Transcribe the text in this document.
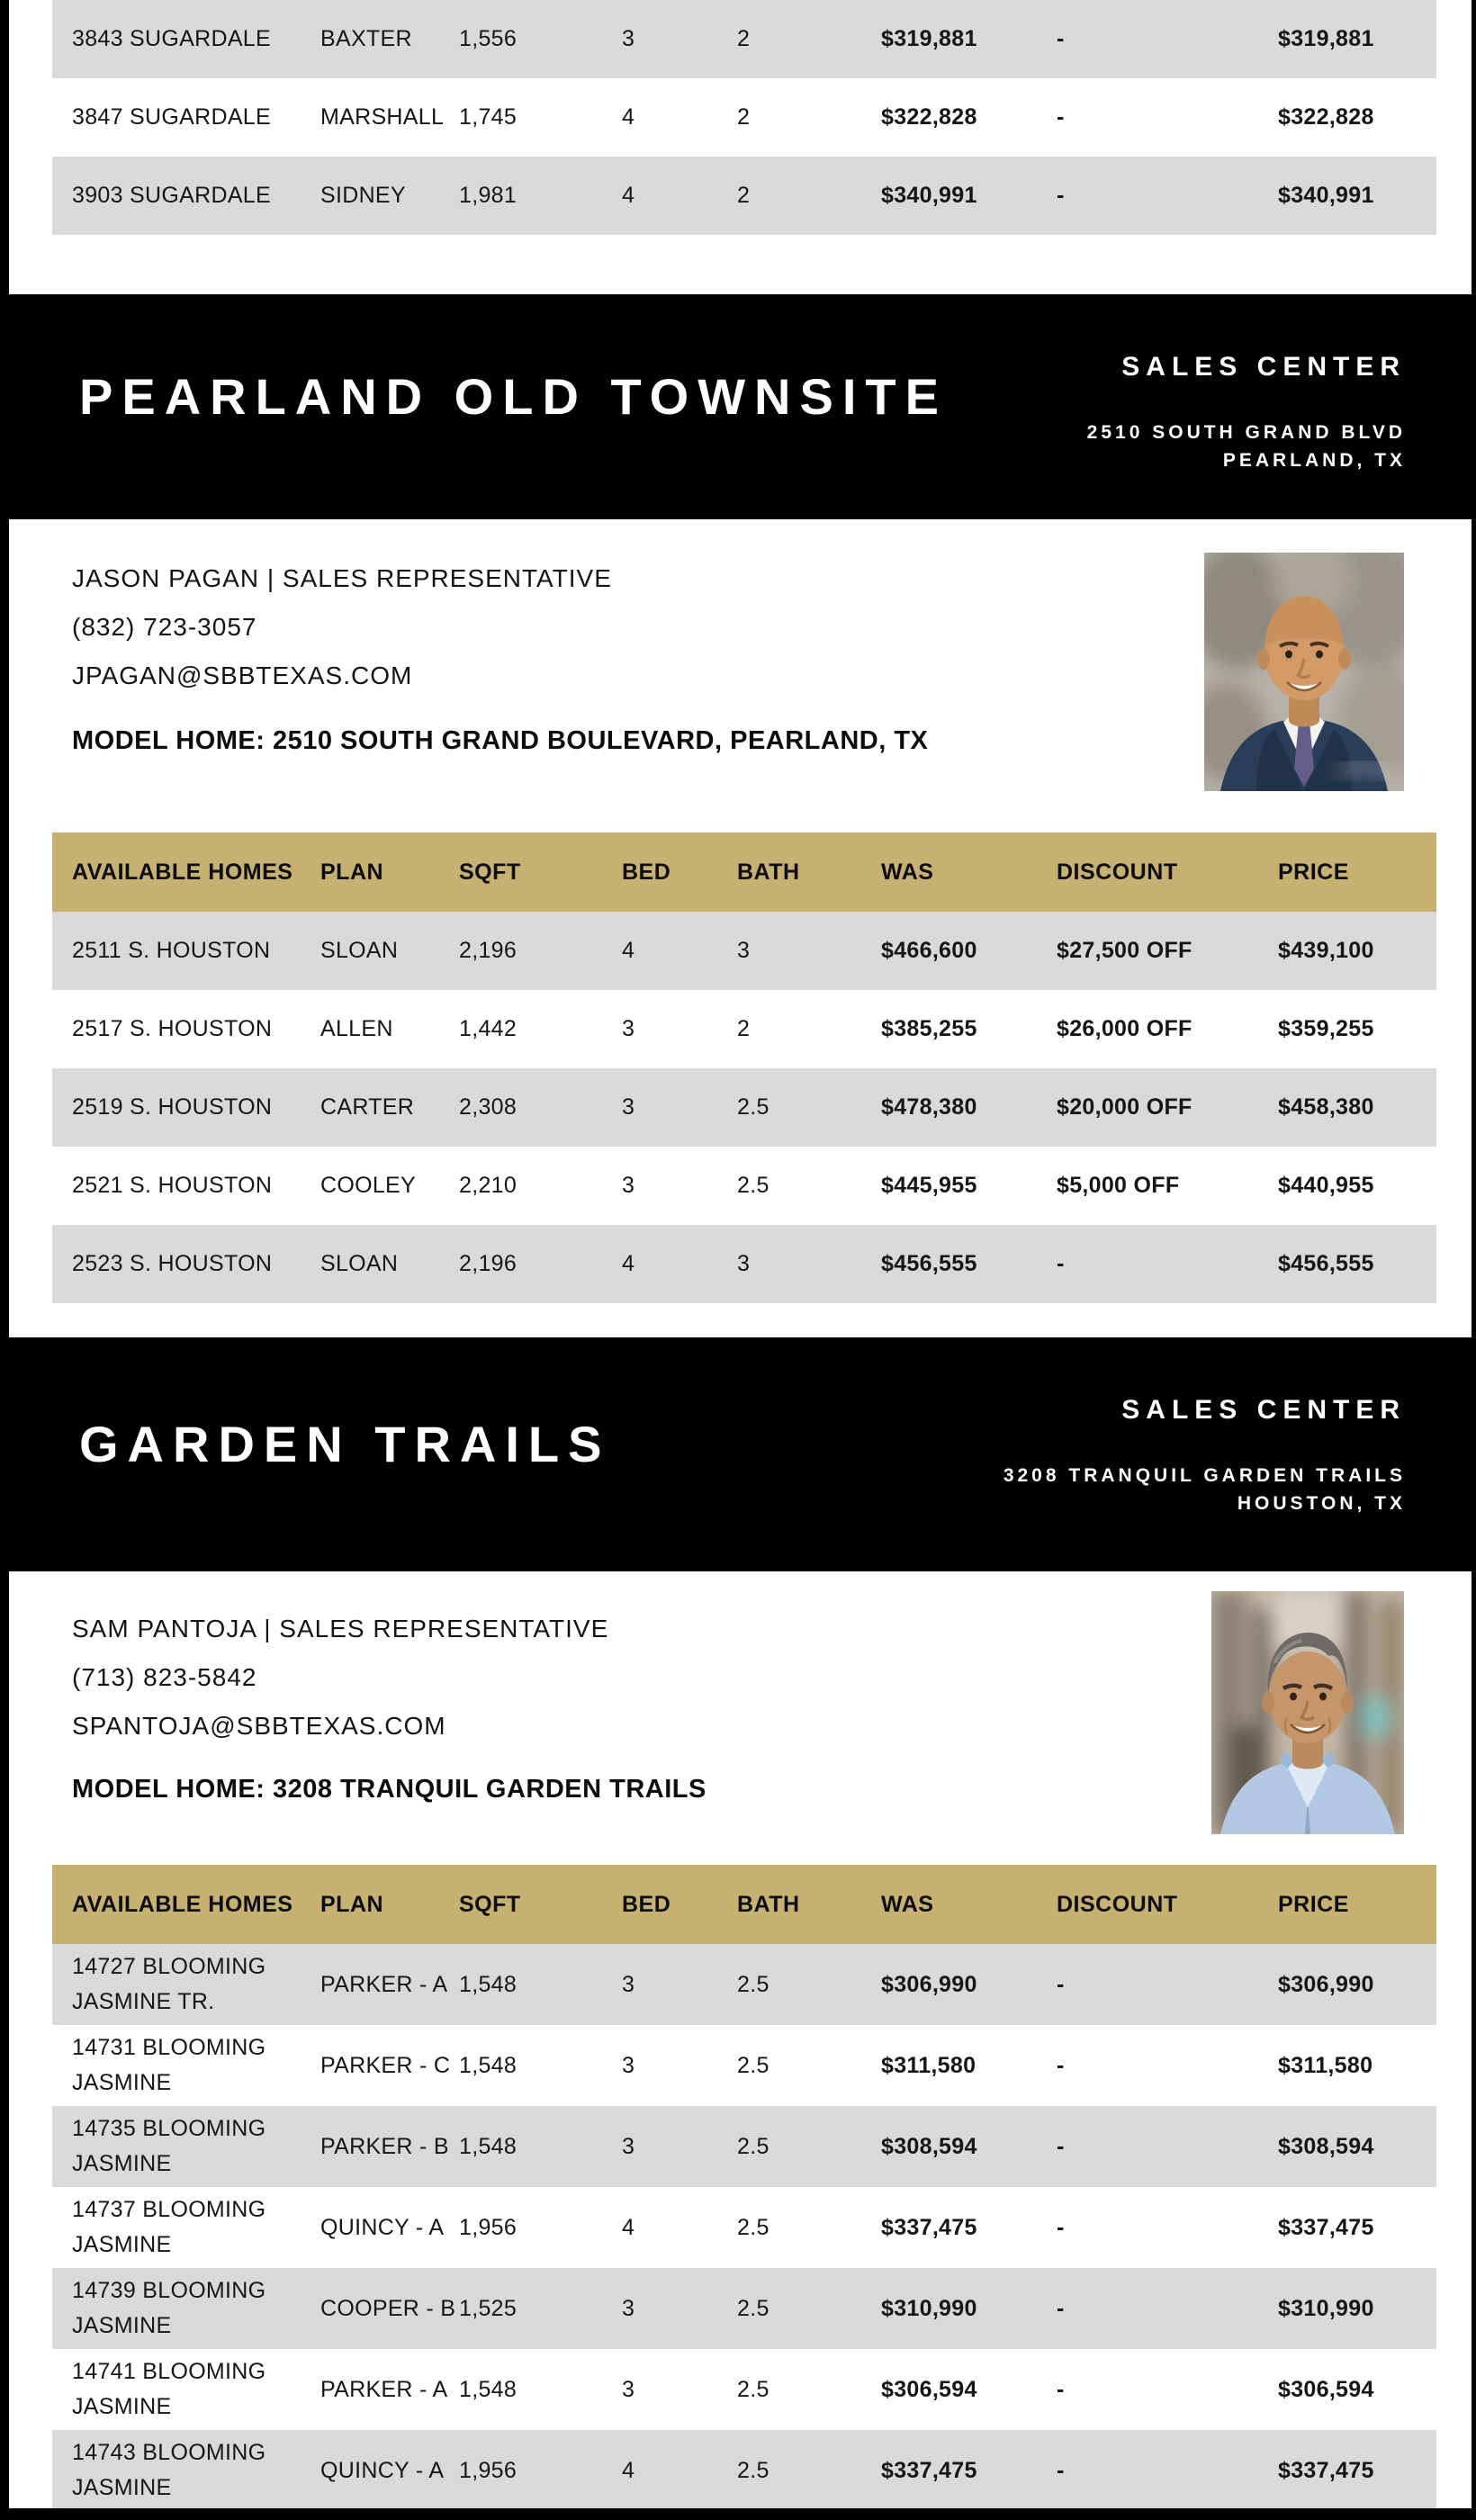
3843 SUGARDALE	BAXTER	1,556	3	2	$319,881	-	$319,881
3847 SUGARDALE	MARSHALL	1,745	4	2	$322,828	-	$322,828
3903 SUGARDALE	SIDNEY	1,981	4	2	$340,991	-	$340,991
PEARLAND OLD TOWNSITE
SALES CENTER
2510 SOUTH GRAND BLVD
PEARLAND, TX
JASON PAGAN | SALES REPRESENTATIVE
(832) 723-3057
JPAGAN@SBBTEXAS.COM
MODEL HOME: 2510 SOUTH GRAND BOULEVARD, PEARLAND, TX
AVAILABLE HOMES	PLAN	SQFT	BED	BATH	WAS	DISCOUNT	PRICE
2511 S. HOUSTON	SLOAN	2,196	4	3	$466,600	$27,500 OFF	$439,100
2517 S. HOUSTON	ALLEN	1,442	3	2	$385,255	$26,000 OFF	$359,255
2519 S. HOUSTON	CARTER	2,308	3	2.5	$478,380	$20,000 OFF	$458,380
2521 S. HOUSTON	COOLEY	2,210	3	2.5	$445,955	$5,000 OFF	$440,955
2523 S. HOUSTON	SLOAN	2,196	4	3	$456,555	-	$456,555
GARDEN TRAILS
SALES CENTER
3208 TRANQUIL GARDEN TRAILS
HOUSTON, TX
SAM PANTOJA | SALES REPRESENTATIVE
(713) 823-5842
SPANTOJA@SBBTEXAS.COM
MODEL HOME: 3208 TRANQUIL GARDEN TRAILS
AVAILABLE HOMES	PLAN	SQFT	BED	BATH	WAS	DISCOUNT	PRICE
14727 BLOOMING JASMINE TR.	PARKER - A	1,548	3	2.5	$306,990	-	$306,990
14731 BLOOMING JASMINE	PARKER - C	1,548	3	2.5	$311,580	-	$311,580
14735 BLOOMING JASMINE	PARKER - B	1,548	3	2.5	$308,594	-	$308,594
14737 BLOOMING JASMINE	QUINCY - A	1,956	4	2.5	$337,475	-	$337,475
14739 BLOOMING JASMINE	COOPER - B	1,525	3	2.5	$310,990	-	$310,990
14741 BLOOMING JASMINE	PARKER - A	1,548	3	2.5	$306,594	-	$306,594
14743 BLOOMING JASMINE	QUINCY - A	1,956	4	2.5	$337,475	-	$337,475
